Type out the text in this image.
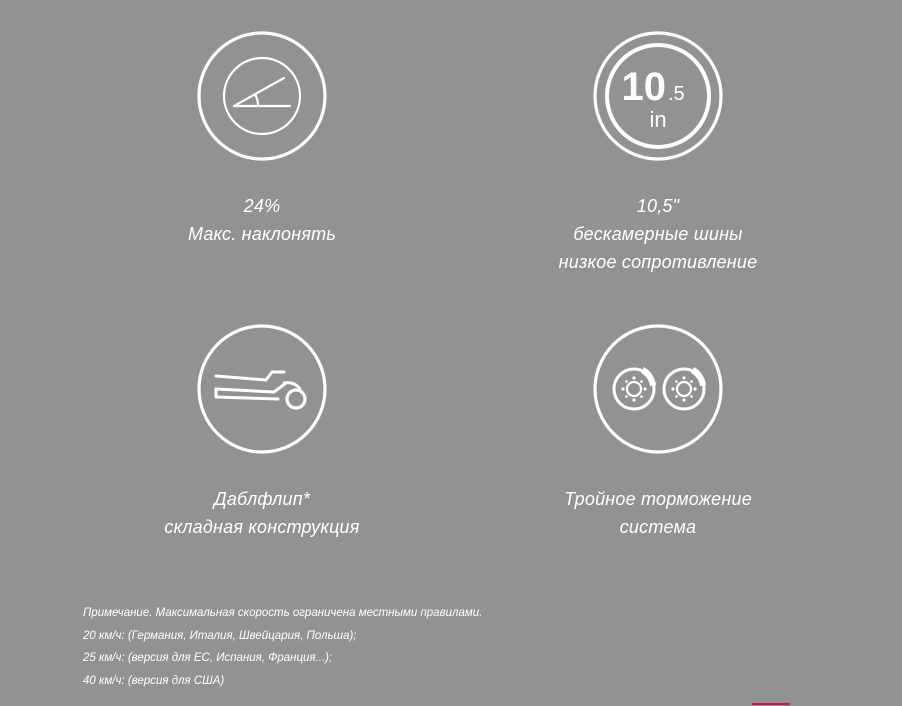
24%
Макс. наклонять
10 .5
in
10,5"
бескамерные шины
низкое сопротивление
Даблфлип*
складная конструкция
Тройное торможение
система
Примечание. Максимальная скорость ограничена местными правилами.
20 км/ч: (Германия, Италия, Швейцария, Польша);
25 км/ч: (версия для ЕС, Испания, Франция...);
40 км/ч: (версия для США)
